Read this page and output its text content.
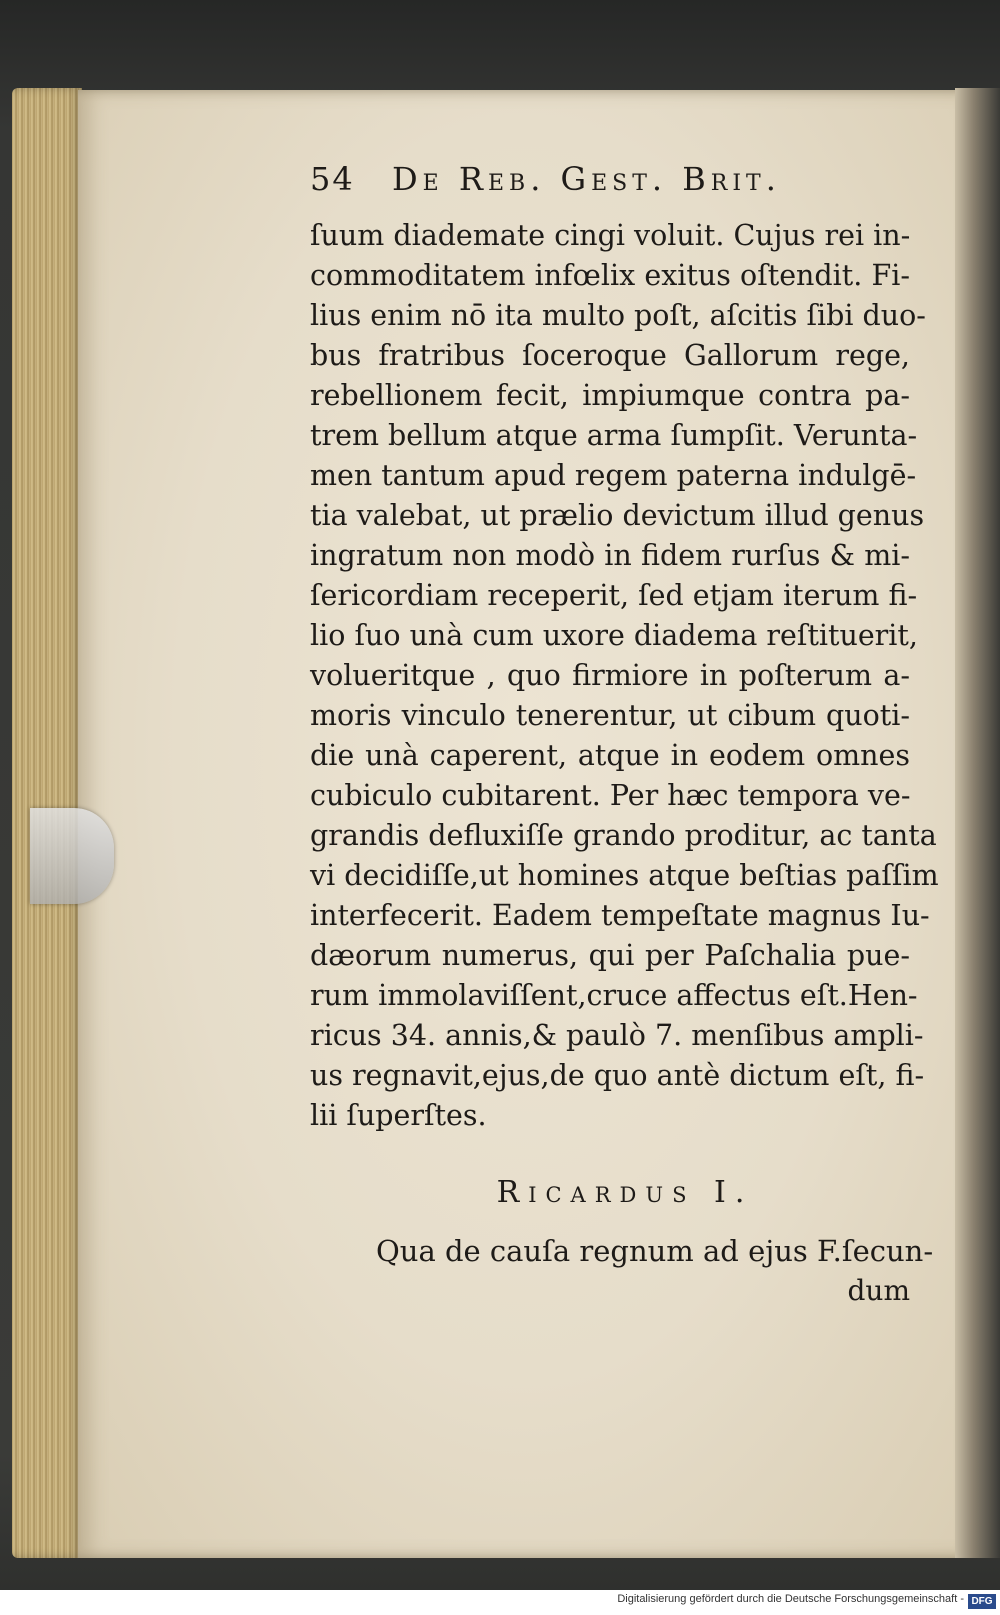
54	De Reb. Gest. Brit.
ſuum diademate cingi voluit. Cujus rei in-
commoditatem infœlix exitus oſtendit. Fi-
lius enim nō ita multo poſt, aſcitis ſibi duo-
bus fratribus ſoceroque Gallorum rege,
rebellionem fecit, impiumque contra pa-
trem bellum atque arma ſumpſit. Verunta-
men tantum apud regem paterna indulgē-
tia valebat, ut prælio devictum illud genus
ingratum non modò in fidem rurſus & mi-
ſericordiam receperit, ſed etjam iterum fi-
lio ſuo unà cum uxore diadema reſtituerit,
volueritque , quo firmiore in poſterum a-
moris vinculo tenerentur, ut cibum quoti-
die unà caperent, atque in eodem omnes
cubiculo cubitarent. Per hæc tempora ve-
grandis defluxiſſe grando proditur, ac tanta
vi decidiſſe,ut homines atque beſtias paſſim
interfecerit. Eadem tempeſtate magnus Iu-
dæorum numerus, qui per Paſchalia pue-
rum immolaviſſent,cruce affectus eſt.Hen-
ricus 34. annis,& paulò 7. menſibus ampli-
us regnavit,ejus,de quo antè dictum eſt, fi-
lii ſuperſtes.
Ricardus I.
Qua de cauſa regnum ad ejus F.ſecun-
dum
Digitalisierung gefördert durch die Deutsche Forschungsgemeinschaft - DFG
